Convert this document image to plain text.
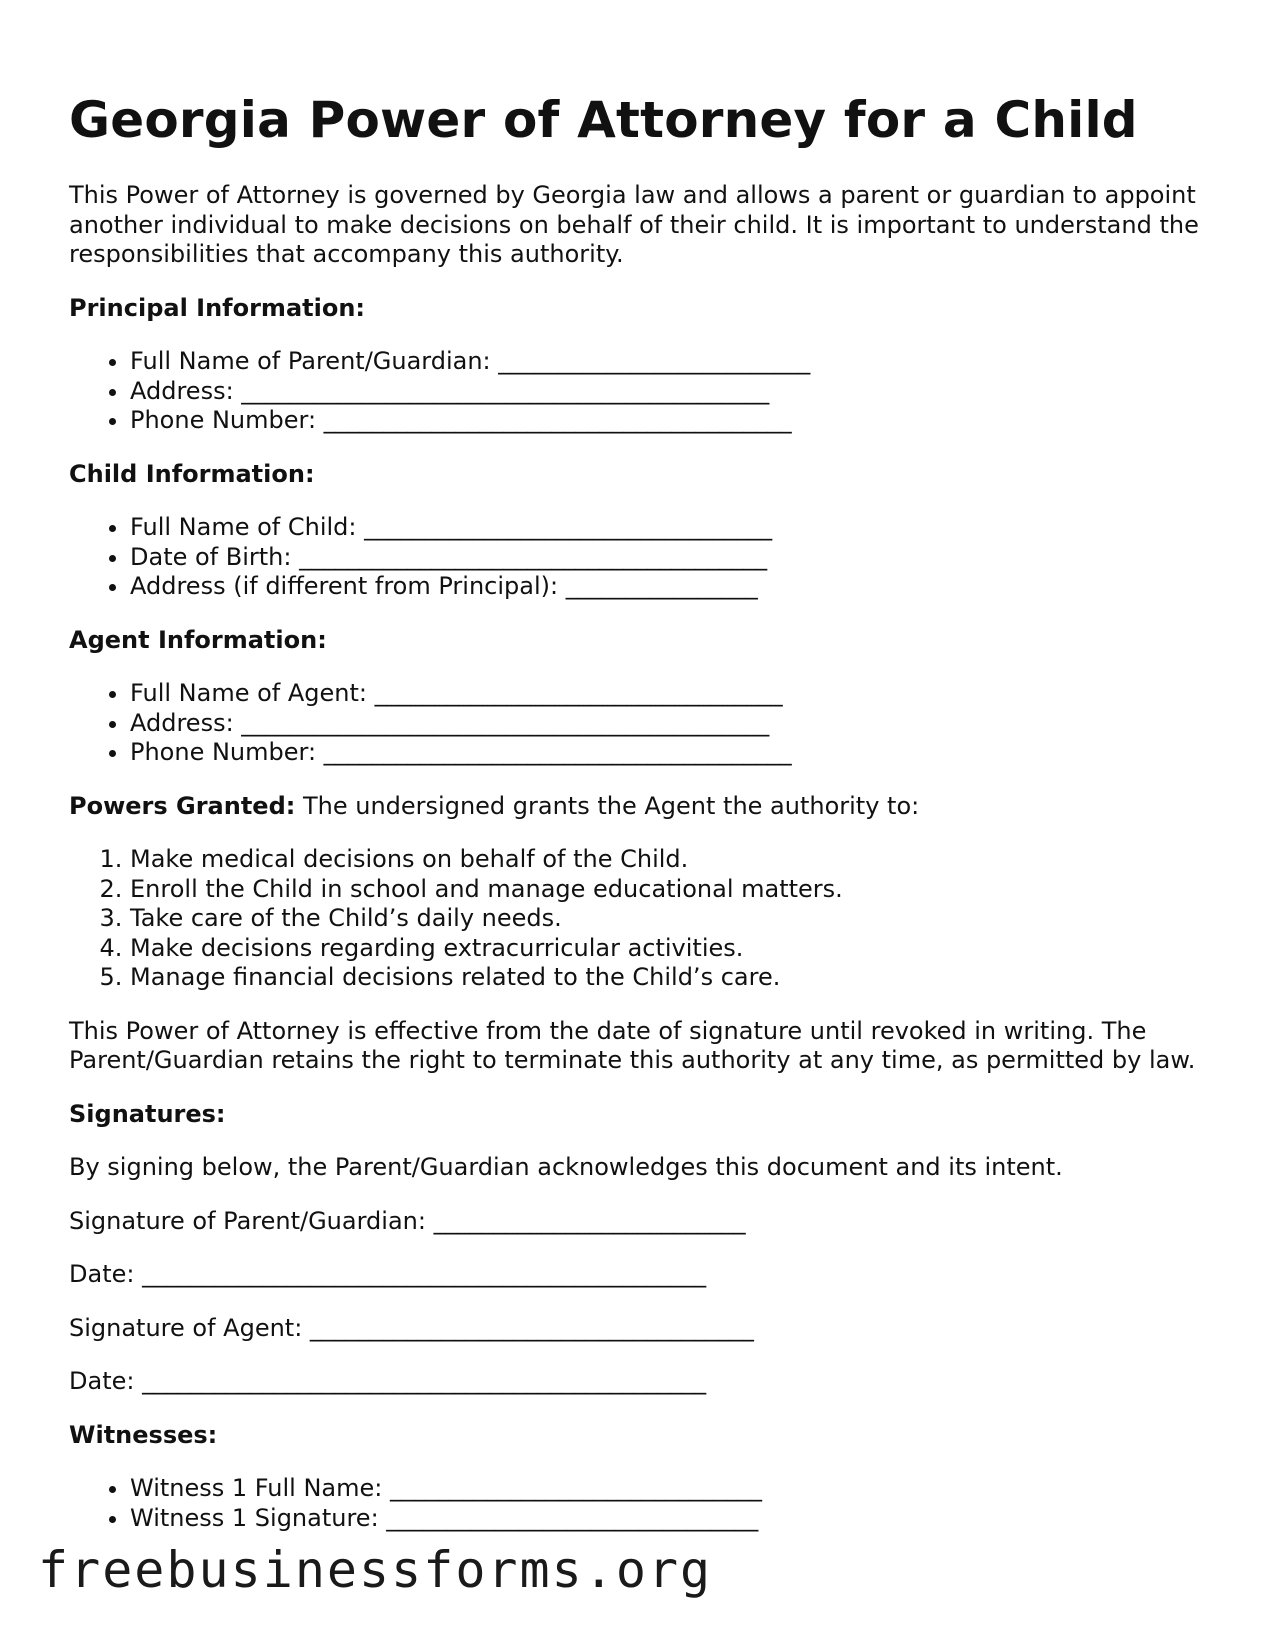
Georgia Power of Attorney for a Child

This Power of Attorney is governed by Georgia law and allows a parent or guardian to appoint another individual to make decisions on behalf of their child. It is important to understand the responsibilities that accompany this authority.

Principal Information:

• Full Name of Parent/Guardian: __________________________
• Address: ____________________________________________
• Phone Number: _______________________________________

Child Information:

• Full Name of Child: __________________________________
• Date of Birth: _______________________________________
• Address (if different from Principal): ________________

Agent Information:

• Full Name of Agent: __________________________________
• Address: ____________________________________________
• Phone Number: _______________________________________

Powers Granted: The undersigned grants the Agent the authority to:

1. Make medical decisions on behalf of the Child.
2. Enroll the Child in school and manage educational matters.
3. Take care of the Child’s daily needs.
4. Make decisions regarding extracurricular activities.
5. Manage financial decisions related to the Child’s care.

This Power of Attorney is effective from the date of signature until revoked in writing. The Parent/Guardian retains the right to terminate this authority at any time, as permitted by law.

Signatures:

By signing below, the Parent/Guardian acknowledges this document and its intent.

Signature of Parent/Guardian: __________________________

Date: _______________________________________________

Signature of Agent: _____________________________________

Date: _______________________________________________

Witnesses:

• Witness 1 Full Name: _______________________________
• Witness 1 Signature: _______________________________
freebusinessforms.org
